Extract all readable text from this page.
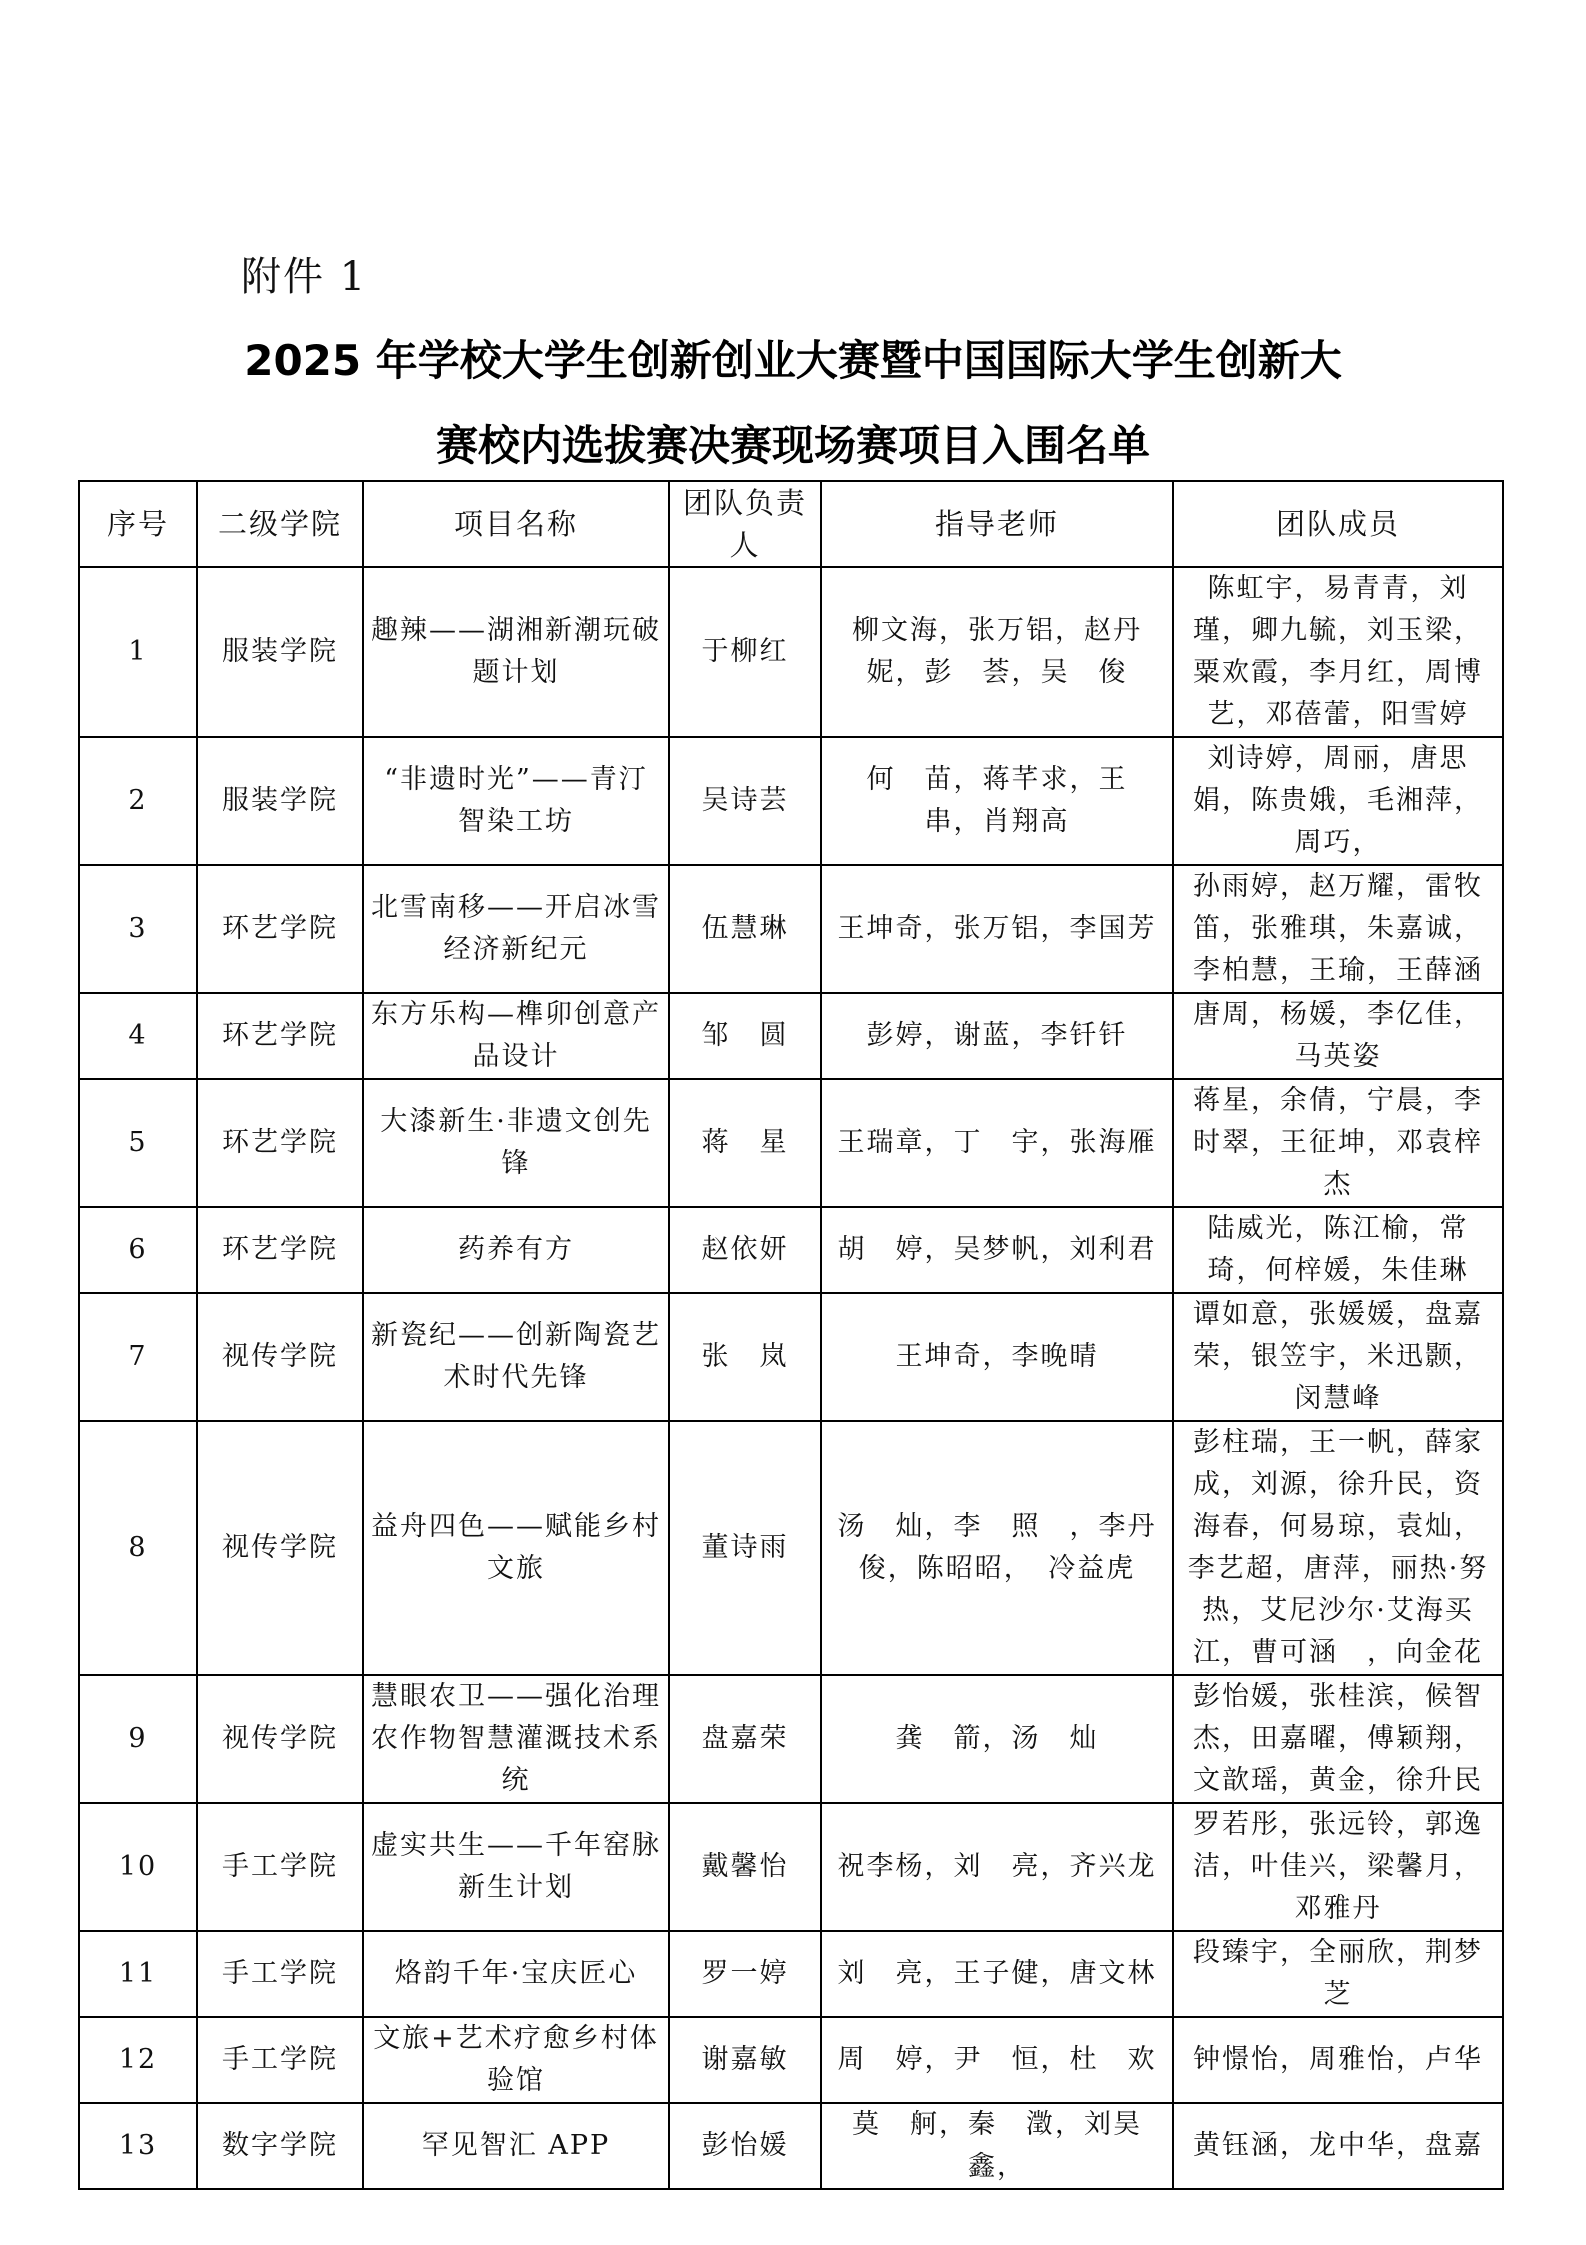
附件 1
2025 年学校大学生创新创业大赛暨中国国际大学生创新大
赛校内选拔赛决赛现场赛项目入围名单
序号	二级学院	项目名称	团队负责人	指导老师	团队成员
1	服装学院	趣辣——湖湘新潮玩破题计划	于柳红	柳文海，张万铝，赵丹妮，彭　荟，吴　俊	陈虹宇，易青青，刘瑾，卿九毓，刘玉梁，粟欢霞，李月红，周博艺，邓蓓蕾，阳雪婷
2	服装学院	“非遗时光”——青汀智染工坊	吴诗芸	何　苗，蒋芊求，王　串，肖翔高	刘诗婷，周丽，唐思娟，陈贵娥，毛湘萍，周巧，
3	环艺学院	北雪南移——开启冰雪经济新纪元	伍慧琳	王坤奇，张万铝，李国芳	孙雨婷，赵万耀，雷牧笛，张雅琪，朱嘉诚，李柏慧，王瑜，王薛涵
4	环艺学院	东方乐构—榫卯创意产品设计	邹　圆	彭婷，谢蓝，李钎钎	唐周，杨媛，李亿佳，马英姿
5	环艺学院	大漆新生·非遗文创先锋	蒋　星	王瑞章，丁　宇，张海雁	蒋星，余倩，宁晨，李时翠，王征坤，邓袁梓杰
6	环艺学院	药养有方	赵依妍	胡　婷，吴梦帆，刘利君	陆威光，陈江榆，常琦，何梓媛，朱佳琳
7	视传学院	新瓷纪——创新陶瓷艺术时代先锋	张　岚	王坤奇，李晚晴	谭如意，张媛媛，盘嘉荣，银笠宇，米迅颢，闵慧峰
8	视传学院	益舟四色——赋能乡村文旅	董诗雨	汤　灿，李　照　，李丹俊，陈昭昭，　冷益虎	彭柱瑞，王一帆，薛家成，刘源，徐升民，资海春，何易琼，袁灿，李艺超，唐萍，丽热·努热，艾尼沙尔·艾海买江，曹可涵　，向金花
9	视传学院	慧眼农卫——强化治理农作物智慧灌溉技术系统	盘嘉荣	龚　箭，汤　灿	彭怡媛，张桂滨，候智杰，田嘉曜，傅颖翔，文歆瑶，黄金，徐升民
10	手工学院	虚实共生——千年窑脉新生计划	戴馨怡	祝李杨，刘　亮，齐兴龙	罗若彤，张远铃，郭逸洁，叶佳兴，梁馨月，邓雅丹
11	手工学院	烙韵千年·宝庆匠心	罗一婷	刘　亮，王子健，唐文林	段臻宇，全丽欣，荆梦芝
12	手工学院	文旅+艺术疗愈乡村体验馆	谢嘉敏	周　婷，尹　恒，杜　欢	钟憬怡，周雅怡，卢华
13	数字学院	罕见智汇 APP	彭怡媛	莫　舸，秦　澂，刘昊鑫，	黄钰涵，龙中华，盘嘉
